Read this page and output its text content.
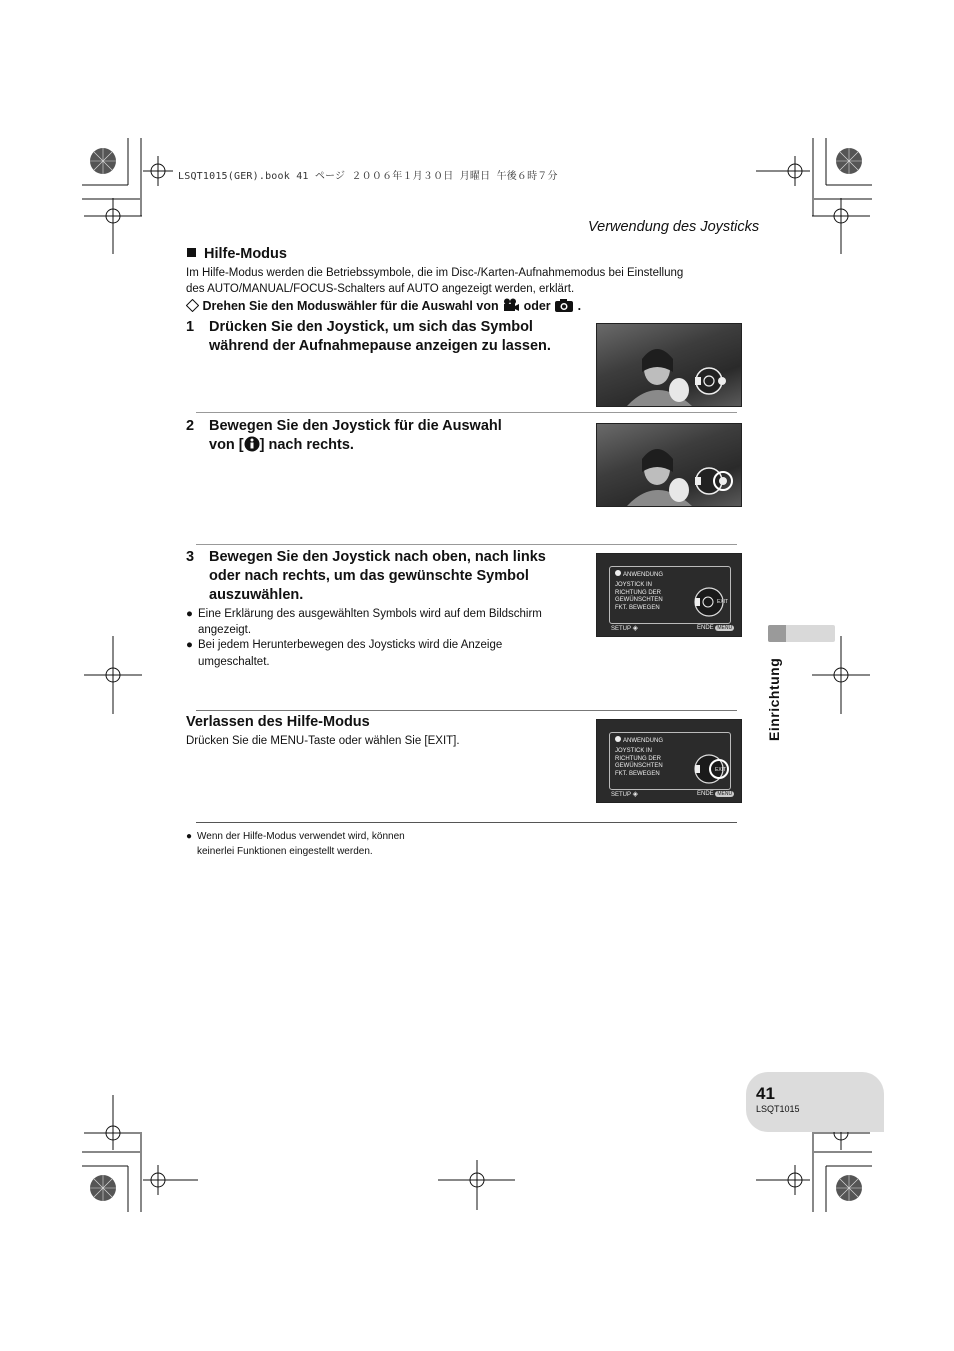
LSQT1015(GER).book 41 ページ ２００６年１月３０日 月曜日 午後６時７分
Verwendung des Joysticks
Hilfe-Modus
Im Hilfe-Modus werden die Betriebssymbole, die im Disc-/Karten-Aufnahmemodus bei Einstellung
des AUTO/MANUAL/FOCUS-Schalters auf AUTO angezeigt werden, erklärt.
Drehen Sie den Moduswähler für die Auswahl von oder .
1 Drücken Sie den Joystick, um sich das Symbol
während der Aufnahmepause anzeigen zu lassen.
2 Bewegen Sie den Joystick für die Auswahl
von [ ] nach rechts.
3 Bewegen Sie den Joystick nach oben, nach links
oder nach rechts, um das gewünschte Symbol
auszuwählen.
● Eine Erklärung des ausgewählten Symbols wird auf dem Bildschirm
angezeigt.
● Bei jedem Herunterbewegen des Joysticks wird die Anzeige
umgeschaltet.
ANWENDUNG
JOYSTICK IN
RICHTUNG DER
GEWÜNSCHTEN
FKT. BEWEGEN
EXIT
SETUP ◈	ENDE MENU
Verlassen des Hilfe-Modus
Drücken Sie die MENU-Taste oder wählen Sie [EXIT].	ANWENDUNG
JOYSTICK IN
RICHTUNG DER
GEWÜNSCHTEN
FKT. BEWEGEN
EXIT
SETUP ◈	ENDE MENU
● Wenn der Hilfe-Modus verwendet wird, können
keinerlei Funktionen eingestellt werden.
Einrichtung
41
LSQT1015
